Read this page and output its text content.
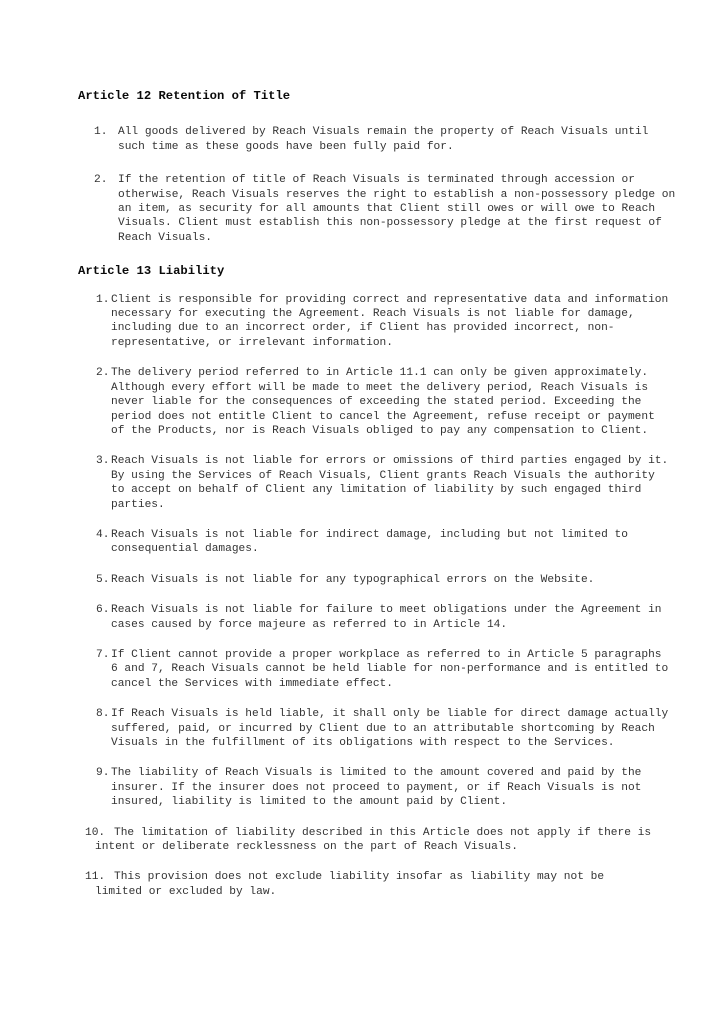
Article 12 Retention of Title
1. All goods delivered by Reach Visuals remain the property of Reach Visuals until
such time as these goods have been fully paid for.
2. If the retention of title of Reach Visuals is terminated through accession or
otherwise, Reach Visuals reserves the right to establish a non-possessory pledge on
an item, as security for all amounts that Client still owes or will owe to Reach
Visuals. Client must establish this non-possessory pledge at the first request of
Reach Visuals.
Article 13 Liability
1. Client is responsible for providing correct and representative data and information
necessary for executing the Agreement. Reach Visuals is not liable for damage,
including due to an incorrect order, if Client has provided incorrect, non-
representative, or irrelevant information.
2. The delivery period referred to in Article 11.1 can only be given approximately.
Although every effort will be made to meet the delivery period, Reach Visuals is
never liable for the consequences of exceeding the stated period. Exceeding the
period does not entitle Client to cancel the Agreement, refuse receipt or payment
of the Products, nor is Reach Visuals obliged to pay any compensation to Client.
3. Reach Visuals is not liable for errors or omissions of third parties engaged by it.
By using the Services of Reach Visuals, Client grants Reach Visuals the authority
to accept on behalf of Client any limitation of liability by such engaged third
parties.
4. Reach Visuals is not liable for indirect damage, including but not limited to
consequential damages.
5. Reach Visuals is not liable for any typographical errors on the Website.
6. Reach Visuals is not liable for failure to meet obligations under the Agreement in
cases caused by force majeure as referred to in Article 14.
7. If Client cannot provide a proper workplace as referred to in Article 5 paragraphs
6 and 7, Reach Visuals cannot be held liable for non-performance and is entitled to
cancel the Services with immediate effect.
8. If Reach Visuals is held liable, it shall only be liable for direct damage actually
suffered, paid, or incurred by Client due to an attributable shortcoming by Reach
Visuals in the fulfillment of its obligations with respect to the Services.
9. The liability of Reach Visuals is limited to the amount covered and paid by the
insurer. If the insurer does not proceed to payment, or if Reach Visuals is not
insured, liability is limited to the amount paid by Client.
10. The limitation of liability described in this Article does not apply if there is
intent or deliberate recklessness on the part of Reach Visuals.
11. This provision does not exclude liability insofar as liability may not be
limited or excluded by law.
